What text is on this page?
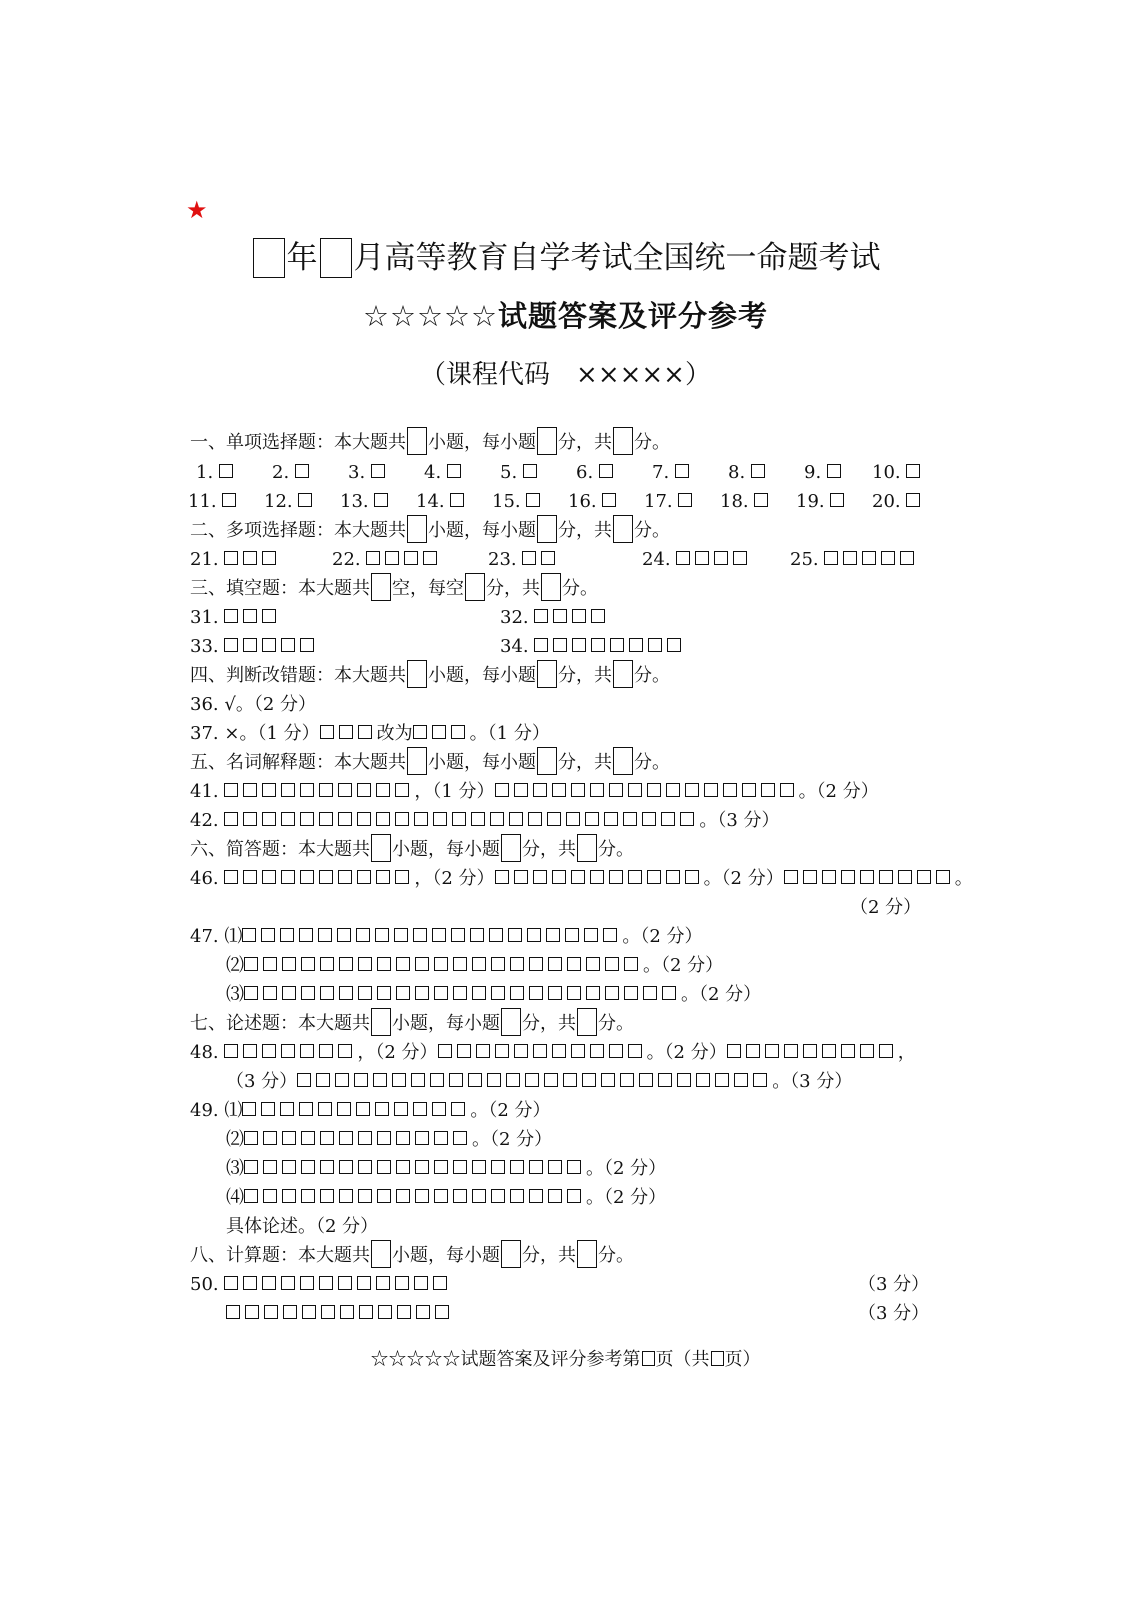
★
年 月高等教育自学考试全国统一命题考试
☆☆☆☆☆试题答案及评分参考
（课程代码　×××××）
一、单项选择题：本大题共 小题，每小题 分，共 分。
1.	2.	3.	4.	5.	6.	7.	8.	9.	10.
11.	12.	13.	14.	15.	16.	17.	18.	19.	20.
二、多项选择题：本大题共 小题，每小题 分，共 分。
21.	22.	23.	24.	25.
三、填空题：本大题共 空，每空 分，共 分。
31.	32.
33.	34.
四、判断改错题：本大题共 小题，每小题 分，共 分。
36. √。（2 分）
37. ×。（1 分）	改为	。（1 分）
五、名词解释题：本大题共 小题，每小题 分，共 分。
41.	，（1 分）	。（2 分）
42.	。（3 分）
六、简答题：本大题共 小题，每小题 分，共 分。
46.	，（2 分）	。（2 分）	。
（2 分）
47. ⑴	。（2 分）
⑵	。（2 分）
⑶	。（2 分）
七、论述题：本大题共 小题，每小题 分，共 分。
48.	，（2 分）	。（2 分）	，
（3 分）	。（3 分）
49. ⑴	。（2 分）
⑵	。（2 分）
⑶	。（2 分）
⑷	。（2 分）
具体论述。（2 分）
八、计算题：本大题共 小题，每小题 分，共 分。
50.	（3 分）
（3 分）
☆☆☆☆☆试题答案及评分参考第 页（共 页）
